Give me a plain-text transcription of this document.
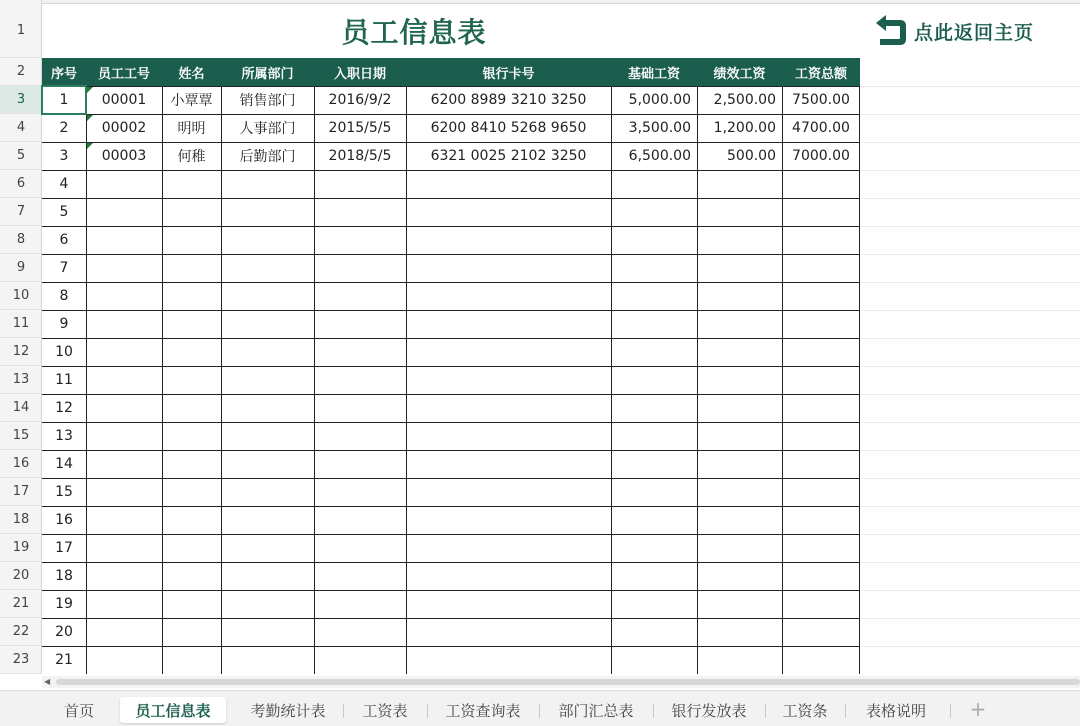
1
2
3
4
5
6
7
8
9
10
11
12
13
14
15
16
17
18
19
20
21
22
23
员工信息表	点此返回主页
序号	员工工号	姓名	所属部门	入职日期	银行卡号	基础工资	绩效工资	工资总额
1	00001	小覃覃	销售部门	2016/9/2	6200 8989 3210 3250	5,000.00	2,500.00	7500.00
2	00002	明明	人事部门	2015/5/5	6200 8410 5268 9650	3,500.00	1,200.00	4700.00
3	00003	何稚	后勤部门	2018/5/5	6321 0025 2102 3250	6,500.00	500.00	7000.00
4
5
6
7
8
9
10
11
12
13
14
15
16
17
18
19
20
21
◀
+
首页	员工信息表	考勤统计表	工资表	工资查询表	部门汇总表	银行发放表	工资条	表格说明
